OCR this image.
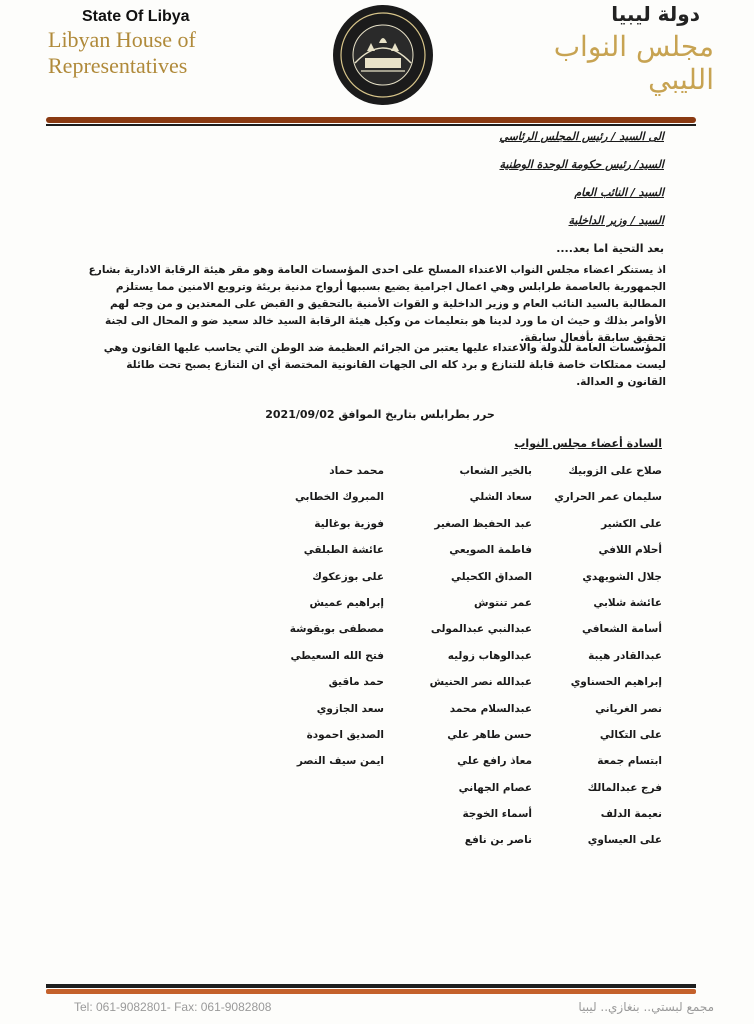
State Of Libya
Libyan House of
Representatives
دولة ليبيا
مجلس النواب الليبي
الى السيد / رئيس المجلس الرئاسي
السيد/ رئيس حكومة الوحدة الوطنية
السيد / النائب العام
السيد / وزير الداخلية
بعد التحية اما بعد....
اذ يستنكر اعضاء مجلس النواب الاعتداء المسلح على احدى المؤسسات العامة وهو مقر هيئة الرقابة الادارية بشارع الجمهورية بالعاصمة طرابلس وهي اعمال اجرامية يضيع بسببها أرواح مدنية بريئة وترويع الامنين مما يستلزم المطالبة بالسيد النائب العام و وزير الداخلية و القوات الأمنية بالتحقيق و القبض على المعتدين و من وجه لهم الأوامر بذلك و حيث ان ما ورد لدينا هو بتعليمات من وكيل هيئة الرقابة السيد خالد سعيد ضو و المحال الى لجنة تحقيق سابقة بأفعال سابقة.
المؤسسات العامة للدولة والاعتداء عليها يعتبر من الجرائم العظيمة ضد الوطن التي يحاسب عليها القانون وهي ليست ممتلكات خاصة قابلة للتنازع و برد كله الى الجهات القانونية المختصة أي ان التنازع يصبح تحت طائلة القانون و العدالة.
حرر بطرابلس بتاريخ الموافق 2021/09/02
السادة أعضاء مجلس النواب
صلاح على الزوبيك
سليمان عمر الحراري
على الكشير
أحلام اللافي
جلال الشويهدي
عائشة شلابي
أسامة الشعافي
عبدالقادر هيبة
إبراهيم الحسناوي
نصر الغرياني
على التكالي
ابتسام جمعة
فرج عبدالمالك
نعيمة الدلف
على العيساوي
بالخير الشعاب
سعاد الشلي
عبد الحفيظ الصغير
فاطمة الصويعي
الصداق الكحيلي
عمر تنتوش
عبدالنبي عبدالمولى
عبدالوهاب زوليه
عبدالله نصر الحنيش
عبدالسلام محمد
حسن طاهر علي
معاذ رافع علي
عصام الجهاني
أسماء الخوجة
ناصر بن نافع
محمد حماد
المبروك الخطابي
فوزية بوغالية
عائشة الطبلقي
على بوزعكوك
إبراهيم عميش
مصطفى بوبقوشة
فتح الله السعيطي
حمد ماقيق
سعد الجازوي
الصديق احمودة
ايمن سيف النصر
Tel: 061-9082801- Fax: 061-9082808	مجمع لبستي.. بنغازي.. ليبيا
